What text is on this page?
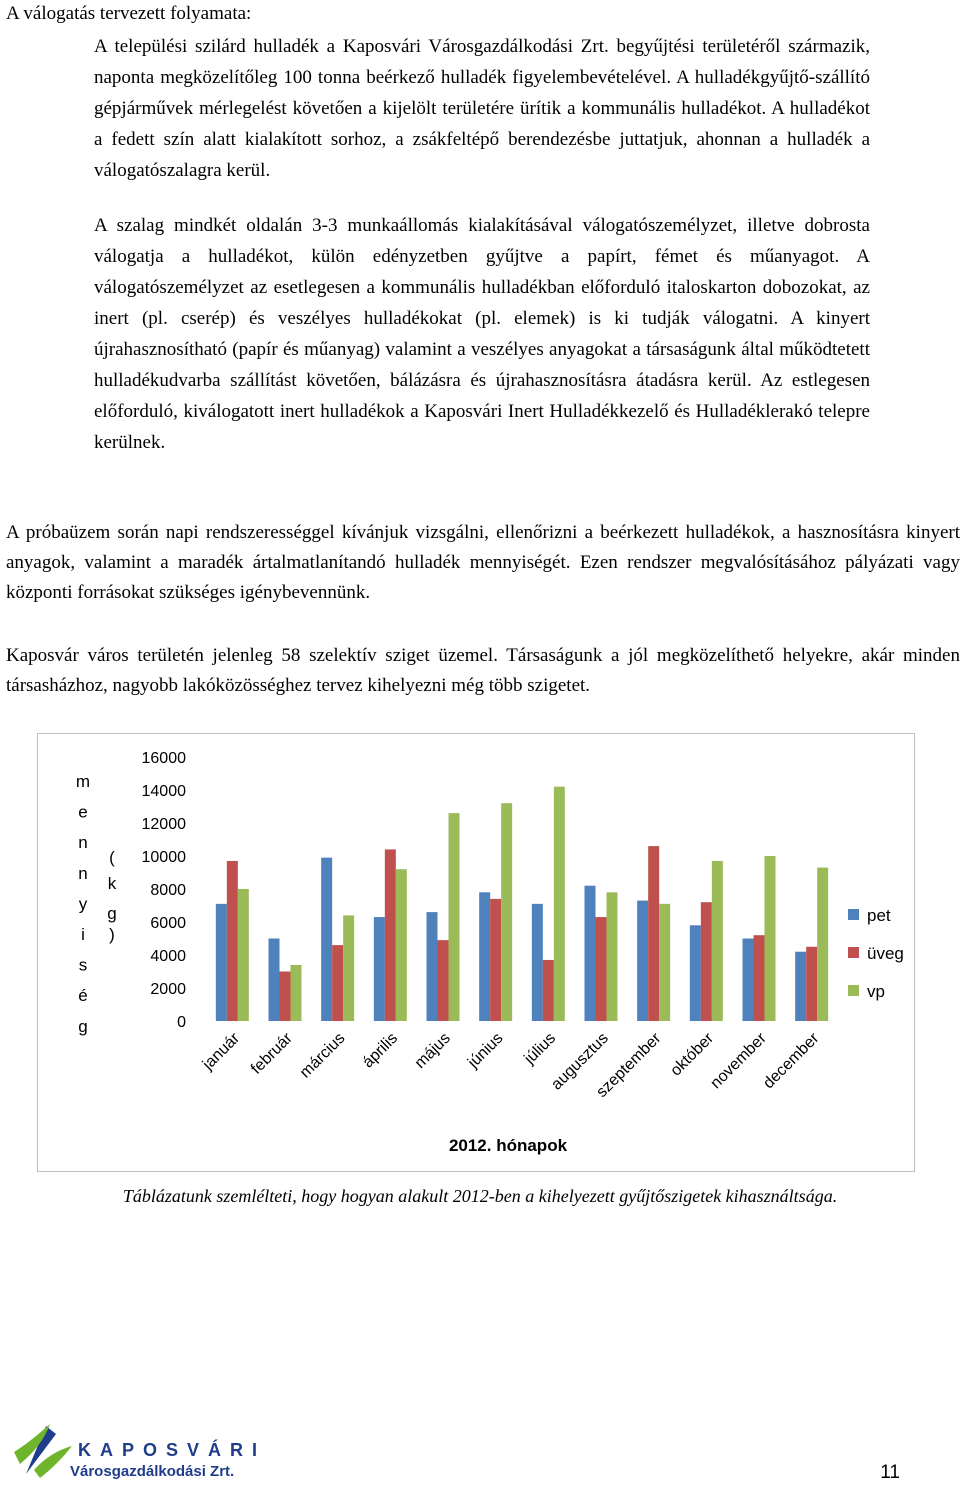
A válogatás tervezett folyamata:

A települési szilárd hulladék a Kaposvári Városgazdálkodási Zrt. begyűjtési területéről származik, naponta megközelítőleg 100 tonna beérkező hulladék figyelembevételével. A hulladékgyűjtő-szállító gépjárművek mérlegelést követően a kijelölt területére ürítik a kommunális hulladékot. A hulladékot a fedett szín alatt kialakított sorhoz, a zsákfeltépő berendezésbe juttatjuk, ahonnan a hulladék a válogatószalagra kerül.

A szalag mindkét oldalán 3-3 munkaállomás kialakításával válogatószemélyzet, illetve dobrosta válogatja a hulladékot, külön edényzetben gyűjtve a papírt, fémet és műanyagot. A válogatószemélyzet az esetlegesen a kommunális hulladékban előforduló italoskarton dobozokat, az inert (pl. cserép) és veszélyes hulladékokat (pl. elemek) is ki tudják válogatni. A kinyert újrahasznosítható (papír és műanyag) valamint a veszélyes anyagokat a társaságunk által működtetett hulladékudvarba szállítást követően, bálázásra és újrahasznosításra átadásra kerül. Az estlegesen előforduló, kiválogatott inert hulladékok a Kaposvári Inert Hulladékkezelő és Hulladéklerakó telepre kerülnek.

A próbaüzem során napi rendszerességgel kívánjuk vizsgálni, ellenőrizni a beérkezett hulladékok, a hasznosításra kinyert anyagok, valamint a maradék ártalmatlanítandó hulladék mennyiségét. Ezen rendszer megvalósításához pályázati vagy központi forrásokat szükséges igénybevennünk.

Kaposvár város területén jelenleg 58 szelektív sziget üzemel. Társaságunk a jól megközelíthető helyekre, akár minden társasházhoz, nagyobb lakóközösséghez tervez kihelyezni még több szigetet.

0
2000
4000
6000
8000
10000
12000
14000
16000
m
e
n
n
y
i
s
é
g
(
k
g
)
január február március április május június július
augusztus
szeptember október
november
december
2012. hónapok
pet
üveg
vp
Táblázatunk szemlélteti, hogy hogyan alakult 2012-ben a kihelyezett gyűjtőszigetek kihasználtsága.
KAPOSVÁRI
Városgazdálkodási Zrt.	11
